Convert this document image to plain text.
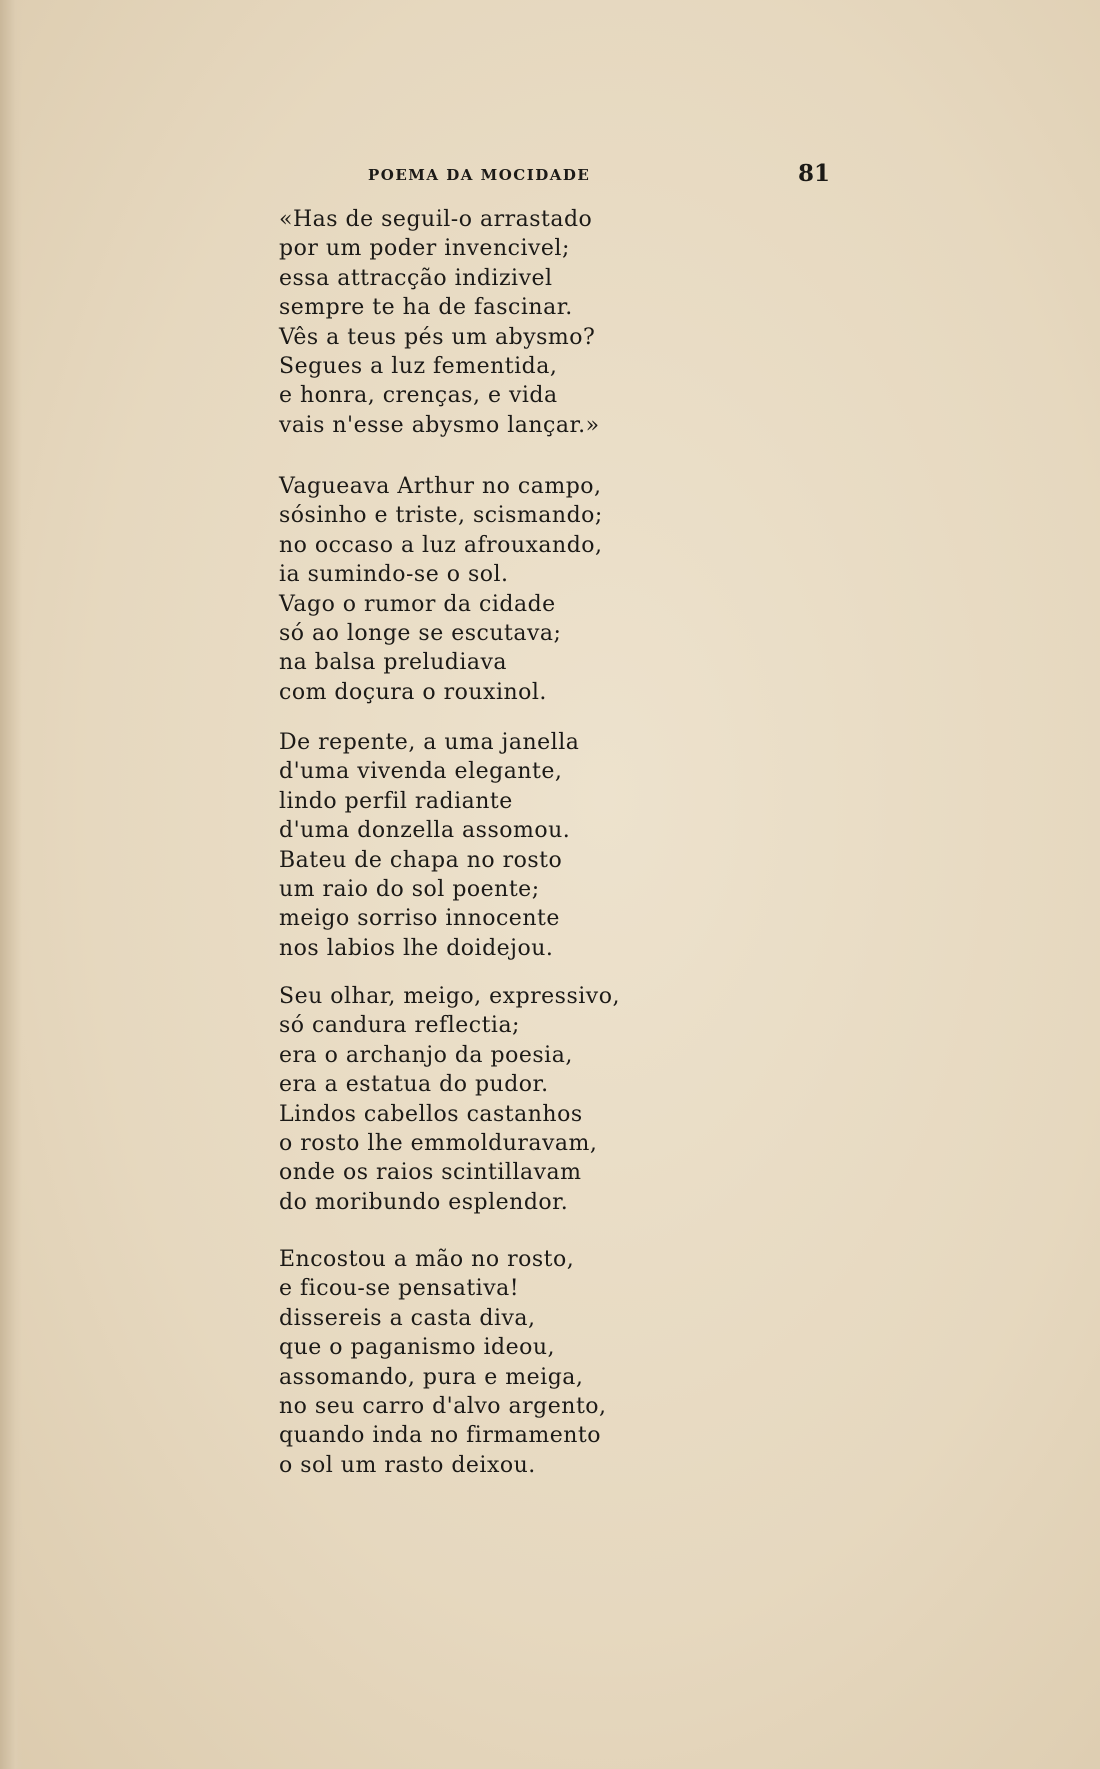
POEMA DA MOCIDADE	81
«Has de seguil-o arrastado
por um poder invencivel;
essa attracção indizivel
sempre te ha de fascinar.
Vês a teus pés um abysmo?
Segues a luz fementida,
e honra, crenças, e vida
vais n'esse abysmo lançar.»
Vagueava Arthur no campo,
sósinho e triste, scismando;
no occaso a luz afrouxando,
ia sumindo-se o sol.
Vago o rumor da cidade
só ao longe se escutava;
na balsa preludiava
com doçura o rouxinol.
De repente, a uma janella
d'uma vivenda elegante,
lindo perfil radiante
d'uma donzella assomou.
Bateu de chapa no rosto
um raio do sol poente;
meigo sorriso innocente
nos labios lhe doidejou.
Seu olhar, meigo, expressivo,
só candura reflectia;
era o archanjo da poesia,
era a estatua do pudor.
Lindos cabellos castanhos
o rosto lhe emmolduravam,
onde os raios scintillavam
do moribundo esplendor.
Encostou a mão no rosto,
e ficou-se pensativa!
dissereis a casta diva,
que o paganismo ideou,
assomando, pura e meiga,
no seu carro d'alvo argento,
quando inda no firmamento
o sol um rasto deixou.
